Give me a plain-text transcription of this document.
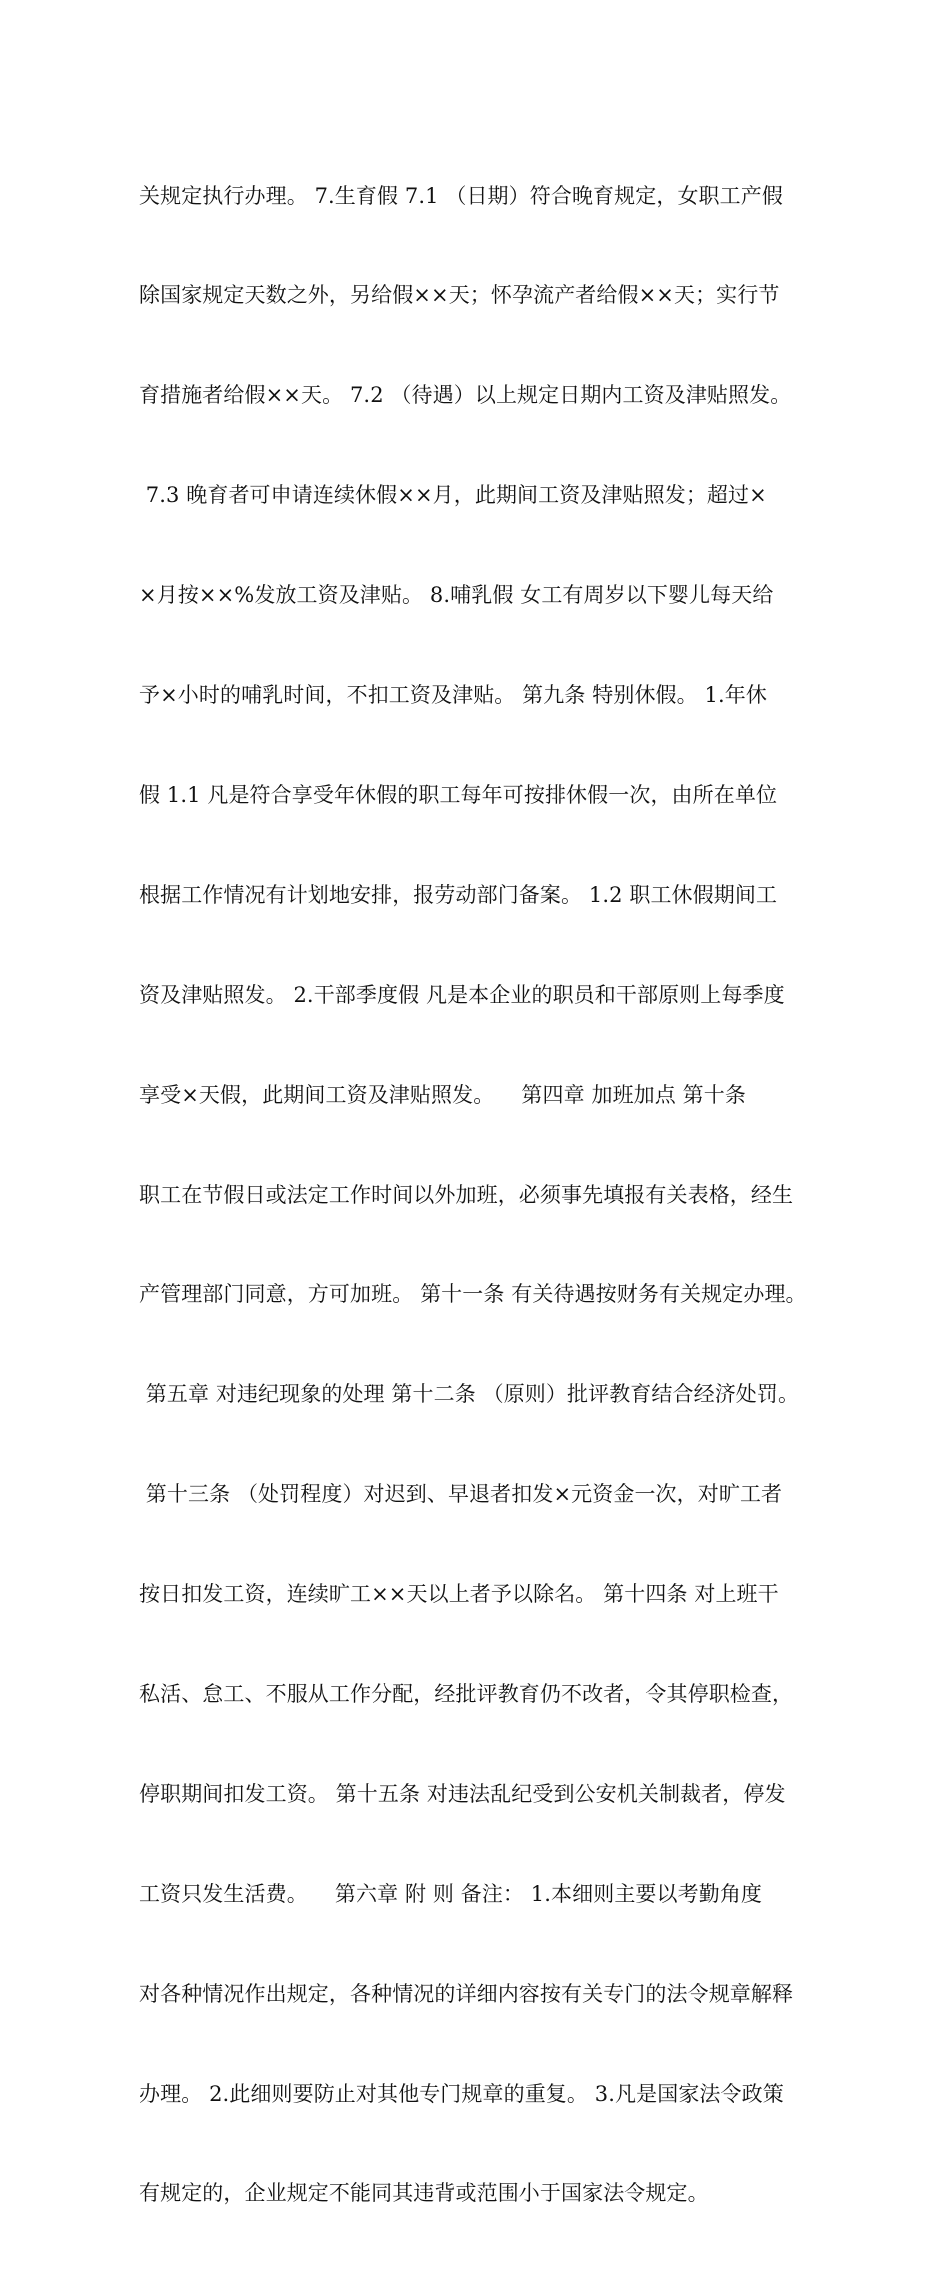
关规定执行办理。 7.生育假 7.1 （日期）符合晚育规定，女职工产假

除国家规定天数之外，另给假××天；怀孕流产者给假××天；实行节

育措施者给假××天。 7.2 （待遇）以上规定日期内工资及津贴照发。

7.3 晚育者可申请连续休假××月，此期间工资及津贴照发；超过×

×月按××%发放工资及津贴。 8.哺乳假 女工有周岁以下婴儿每天给

予×小时的哺乳时间，不扣工资及津贴。 第九条 特别休假。 1.年休

假 1.1 凡是符合享受年休假的职工每年可按排休假一次，由所在单位

根据工作情况有计划地安排，报劳动部门备案。 1.2 职工休假期间工

资及津贴照发。 2.干部季度假 凡是本企业的职员和干部原则上每季度

享受×天假，此期间工资及津贴照发。    第四章 加班加点 第十条

职工在节假日或法定工作时间以外加班，必须事先填报有关表格，经生

产管理部门同意，方可加班。 第十一条 有关待遇按财务有关规定办理。

第五章 对违纪现象的处理 第十二条 （原则）批评教育结合经济处罚。

第十三条 （处罚程度）对迟到、早退者扣发×元资金一次，对旷工者

按日扣发工资，连续旷工××天以上者予以除名。 第十四条 对上班干

私活、怠工、不服从工作分配，经批评教育仍不改者，令其停职检查，

停职期间扣发工资。 第十五条 对违法乱纪受到公安机关制裁者，停发

工资只发生活费。    第六章 附 则 备注： 1.本细则主要以考勤角度

对各种情况作出规定，各种情况的详细内容按有关专门的法令规章解释

办理。 2.此细则要防止对其他专门规章的重复。 3.凡是国家法令政策

有规定的，企业规定不能同其违背或范围小于国家法令规定。
